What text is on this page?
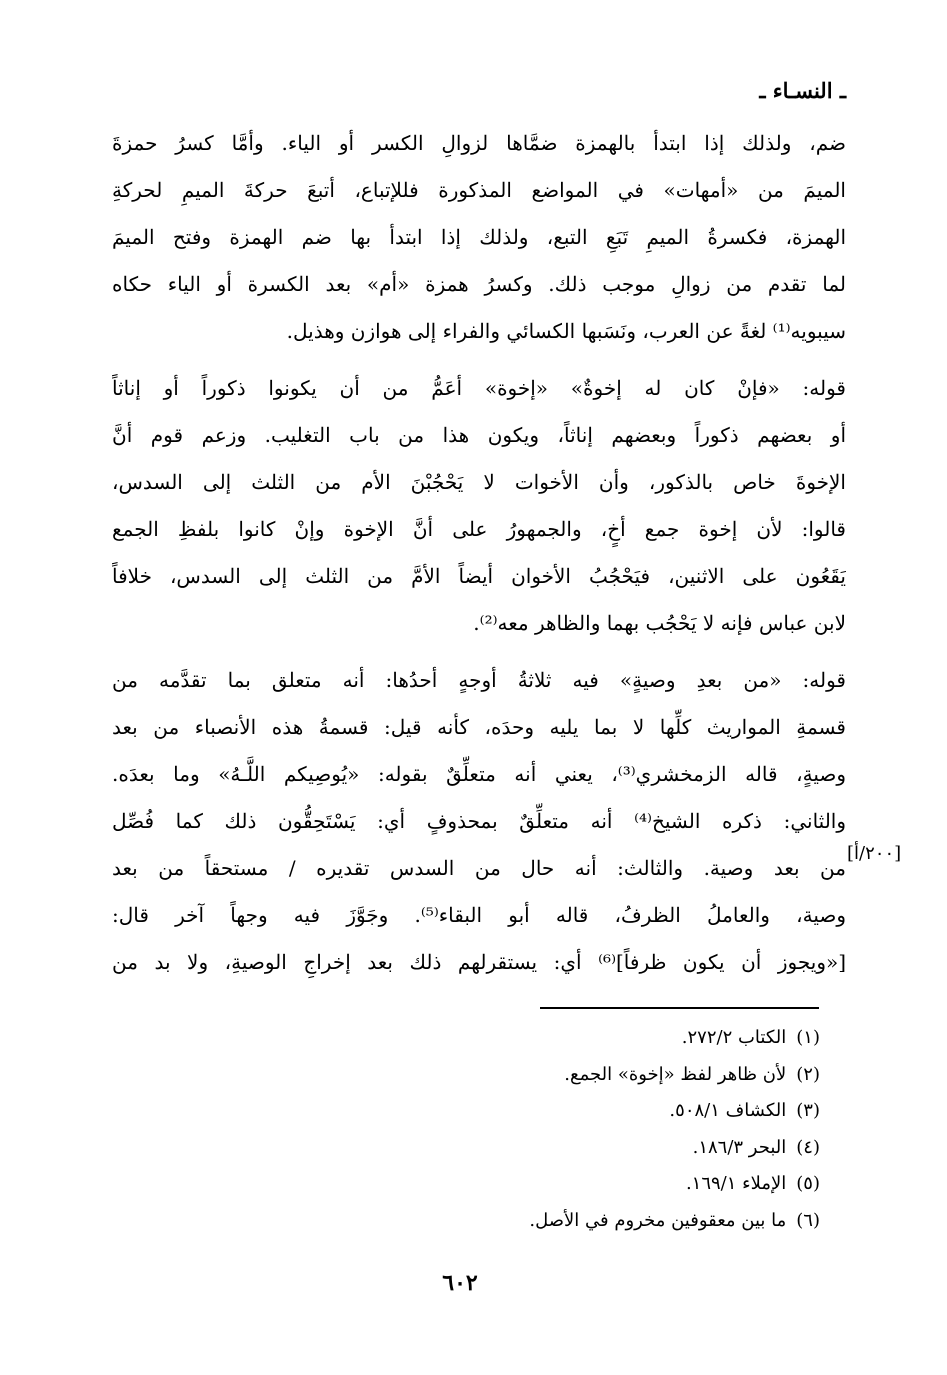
ـ النسـاء ـ
ضم، ولذلك إذا ابتدأ بالهمزة ضمَّاها لزوالِ الكسر أو الياء. وأمَّا كسرُ حمزةَ
الميمَ من «أمهات» في المواضع المذكورة فللإتباع، أتبعَ حركةَ الميمِ لحركةِ
الهمزة، فكسرةُ الميمِ تَبَعِ التبع، ولذلك إذا ابتدأ بها ضم الهمزة وفتح الميمَ
لما تقدم من زوالِ موجب ذلك. وكسرُ همزة «أم» بعد الكسرة أو الياء حكاه
سيبويه⁽¹⁾ لغةً عن العرب، ونَسَبها الكسائي والفراء إلى هوازن وهذيل.
قوله: «فإنْ كان له إخوةٌ» «إخوة» أعَمُّ من أن يكونوا ذكوراً أو إناثاً
أو بعضهم ذكوراً وبعضهم إناثاً، ويكون هذا من باب التغليب. وزعم قوم أنَّ
الإخوةَ خاص بالذكور، وأن الأخوات لا يَحْجُبْنَ الأم من الثلث إلى السدس،
قالوا: لأن إخوة جمع أخٍ، والجمهورُ على أنَّ الإخوة وإنْ كانوا بلفظِ الجمع
يَقَعُون على الاثنين، فيَحْجُبُ الأخوان أيضاً الأمَّ من الثلث إلى السدس، خلافاً
لابن عباس فإنه لا يَحْجُب بهما والظاهر معه⁽²⁾.
قوله: «من بعدِ وصيةٍ» فيه ثلاثةُ أوجهٍ أحدُها: أنه متعلق بما تقدَّمه من
قسمةِ المواريث كلِّها لا بما يليه وحدَه، كأنه قيل: قسمةُ هذه الأنصباء من بعد
وصيةٍ، قاله الزمخشري⁽³⁾، يعني أنه متعلِّقٌ بقوله: «يُوصِيكم اللَّـهُ» وما بعدَه.
والثاني: ذكره الشيخ⁽⁴⁾ أنه متعلِّقٌ بمحذوفٍ أي: يَسْتَحِقُّون ذلك كما فُصِّل
من بعد وصية. والثالث: أنه حال من السدس تقديره / مستحقاً من بعد
وصية، والعاملُ الظرفُ، قاله أبو البقاء⁽⁵⁾. وجَوَّزَ فيه وجهاً آخر قال:
[«ويجوز أن يكون ظرفاً]⁽⁶⁾ أي: يستقرلهم ذلك بعد إخراجِ الوصيةِ، ولا بد من
[٢٠٠/أ]
(١)الكتاب ٢٧٢/٢.
(٢)لأن ظاهر لفظ «إخوة» الجمع.
(٣)الكشاف ٥٠٨/١.
(٤)البحر ١٨٦/٣.
(٥)الإملاء ١٦٩/١.
(٦)ما بين معقوفين مخروم في الأصل.
٦٠٢
